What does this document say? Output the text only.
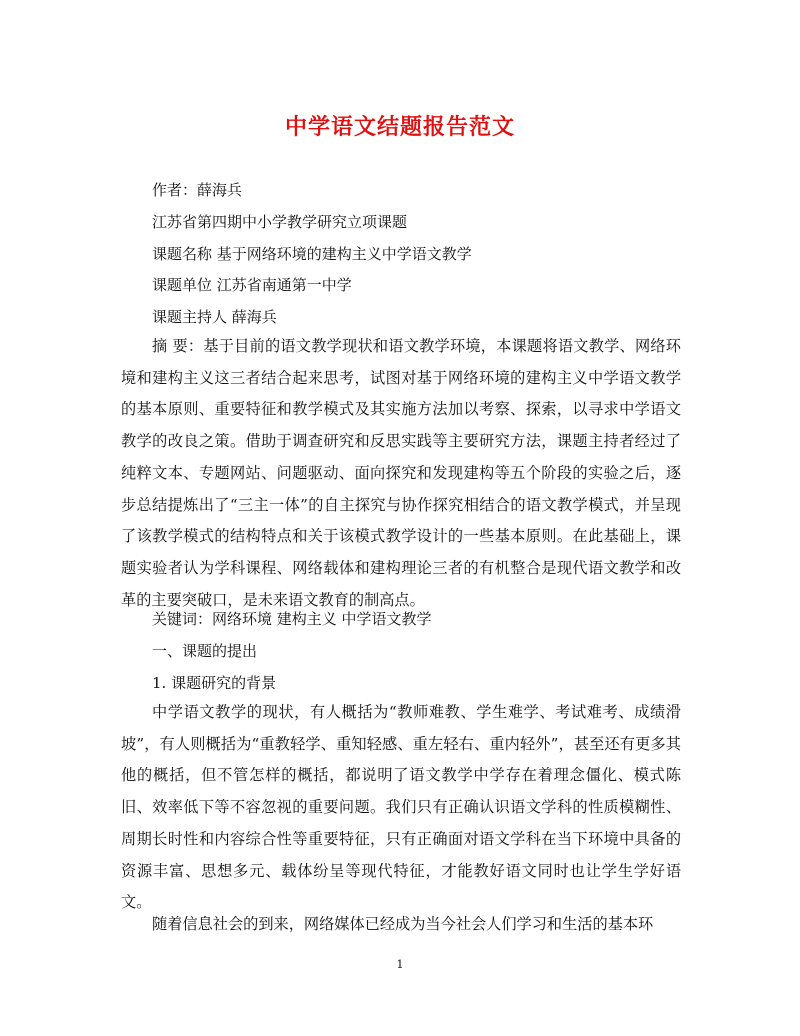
中学语文结题报告范文
作者：薛海兵
江苏省第四期中小学教学研究立项课题
课题名称 基于网络环境的建构主义中学语文教学
课题单位 江苏省南通第一中学
课题主持人 薛海兵

摘 要：基于目前的语文教学现状和语文教学环境，本课题将语文教学、网络环境和建构主义这三者结合起来思考，试图对基于网络环境的建构主义中学语文教学的基本原则、重要特征和教学模式及其实施方法加以考察、探索，以寻求中学语文教学的改良之策。借助于调查研究和反思实践等主要研究方法，课题主持者经过了纯粹文本、专题网站、问题驱动、面向探究和发现建构等五个阶段的实验之后，逐步总结提炼出了“三主一体”的自主探究与协作探究相结合的语文教学模式，并呈现了该教学模式的结构特点和关于该模式教学设计的一些基本原则。在此基础上，课题实验者认为学科课程、网络载体和建构理论三者的有机整合是现代语文教学和改革的主要突破口，是未来语文教育的制高点。

关键词：网络环境 建构主义 中学语文教学
一、课题的提出
1. 课题研究的背景

中学语文教学的现状，有人概括为“教师难教、学生难学、考试难考、成绩滑坡”，有人则概括为“重教轻学、重知轻感、重左轻右、重内轻外”，甚至还有更多其他的概括，但不管怎样的概括，都说明了语文教学中学存在着理念僵化、模式陈旧、效率低下等不容忽视的重要问题。我们只有正确认识语文学科的性质模糊性、周期长时性和内容综合性等重要特征，只有正确面对语文学科在当下环境中具备的资源丰富、思想多元、载体纷呈等现代特征，才能教好语文同时也让学生学好语文。

随着信息社会的到来，网络媒体已经成为当今社会人们学习和生活的基本环

1
